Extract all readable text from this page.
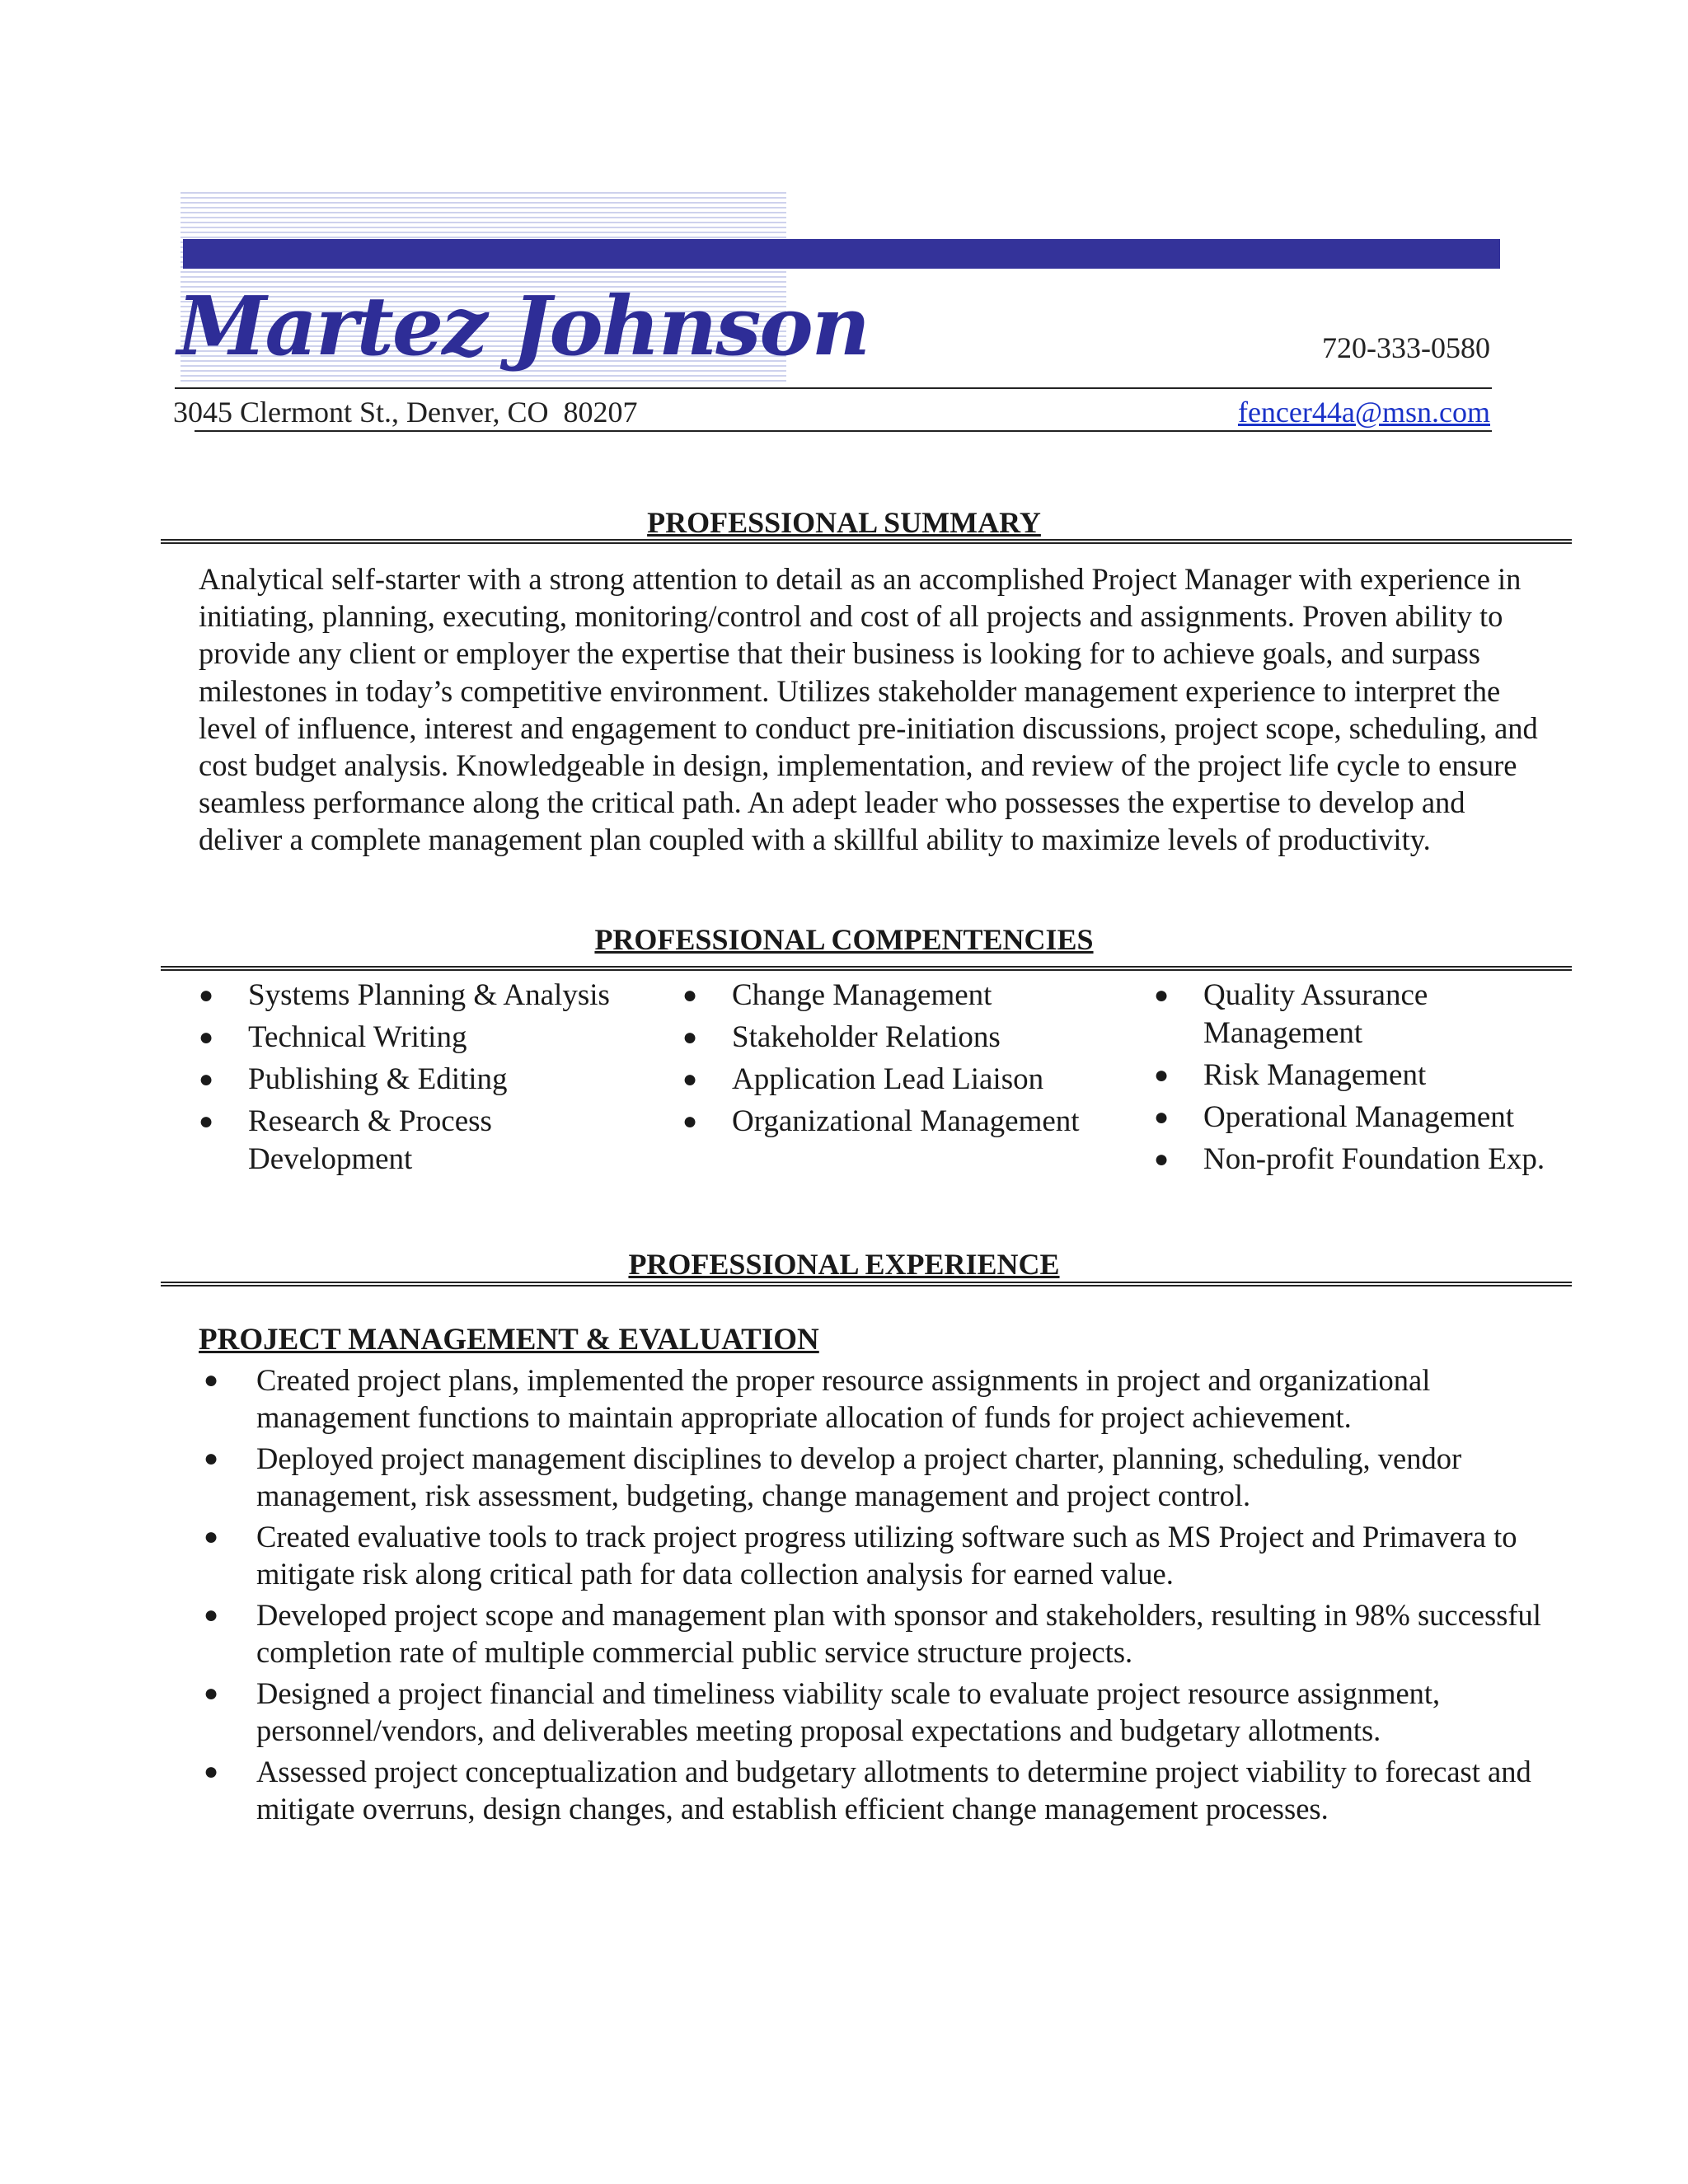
Martez Johnson	720-333-0580
3045 Clermont St., Denver, CO  80207	fencer44a@msn.com
PROFESSIONAL SUMMARY
Analytical self-starter with a strong attention to detail as an accomplished Project Manager with experience in initiating, planning, executing, monitoring/control and cost of all projects and assignments. Proven ability to provide any client or employer the expertise that their business is looking for to achieve goals, and surpass milestones in today’s competitive environment. Utilizes stakeholder management experience to interpret the level of influence, interest and engagement to conduct pre-initiation discussions, project scope, scheduling, and cost budget analysis. Knowledgeable in design, implementation, and review of the project life cycle to ensure seamless performance along the critical path. An adept leader who possesses the expertise to develop and deliver a complete management plan coupled with a skillful ability to maximize levels of productivity.
PROFESSIONAL COMPENTENCIES
●	Systems Planning & Analysis
●	Technical Writing
●	Publishing & Editing
●	Research & Process Development
●	Change Management
●	Stakeholder Relations
●	Application Lead Liaison
●	Organizational Management
●	Quality Assurance Management
●	Risk Management
●	Operational Management
●	Non-profit Foundation Exp.
PROFESSIONAL EXPERIENCE
PROJECT MANAGEMENT & EVALUATION
● Created project plans, implemented the proper resource assignments in project and organizational management functions to maintain appropriate allocation of funds for project achievement.
● Deployed project management disciplines to develop a project charter, planning, scheduling, vendor management, risk assessment, budgeting, change management and project control.
● Created evaluative tools to track project progress utilizing software such as MS Project and Primavera to mitigate risk along critical path for data collection analysis for earned value.
● Developed project scope and management plan with sponsor and stakeholders, resulting in 98% successful completion rate of multiple commercial public service structure projects.
● Designed a project financial and timeliness viability scale to evaluate project resource assignment, personnel/vendors, and deliverables meeting proposal expectations and budgetary allotments.
● Assessed project conceptualization and budgetary allotments to determine project viability to forecast and mitigate overruns, design changes, and establish efficient change management processes.
